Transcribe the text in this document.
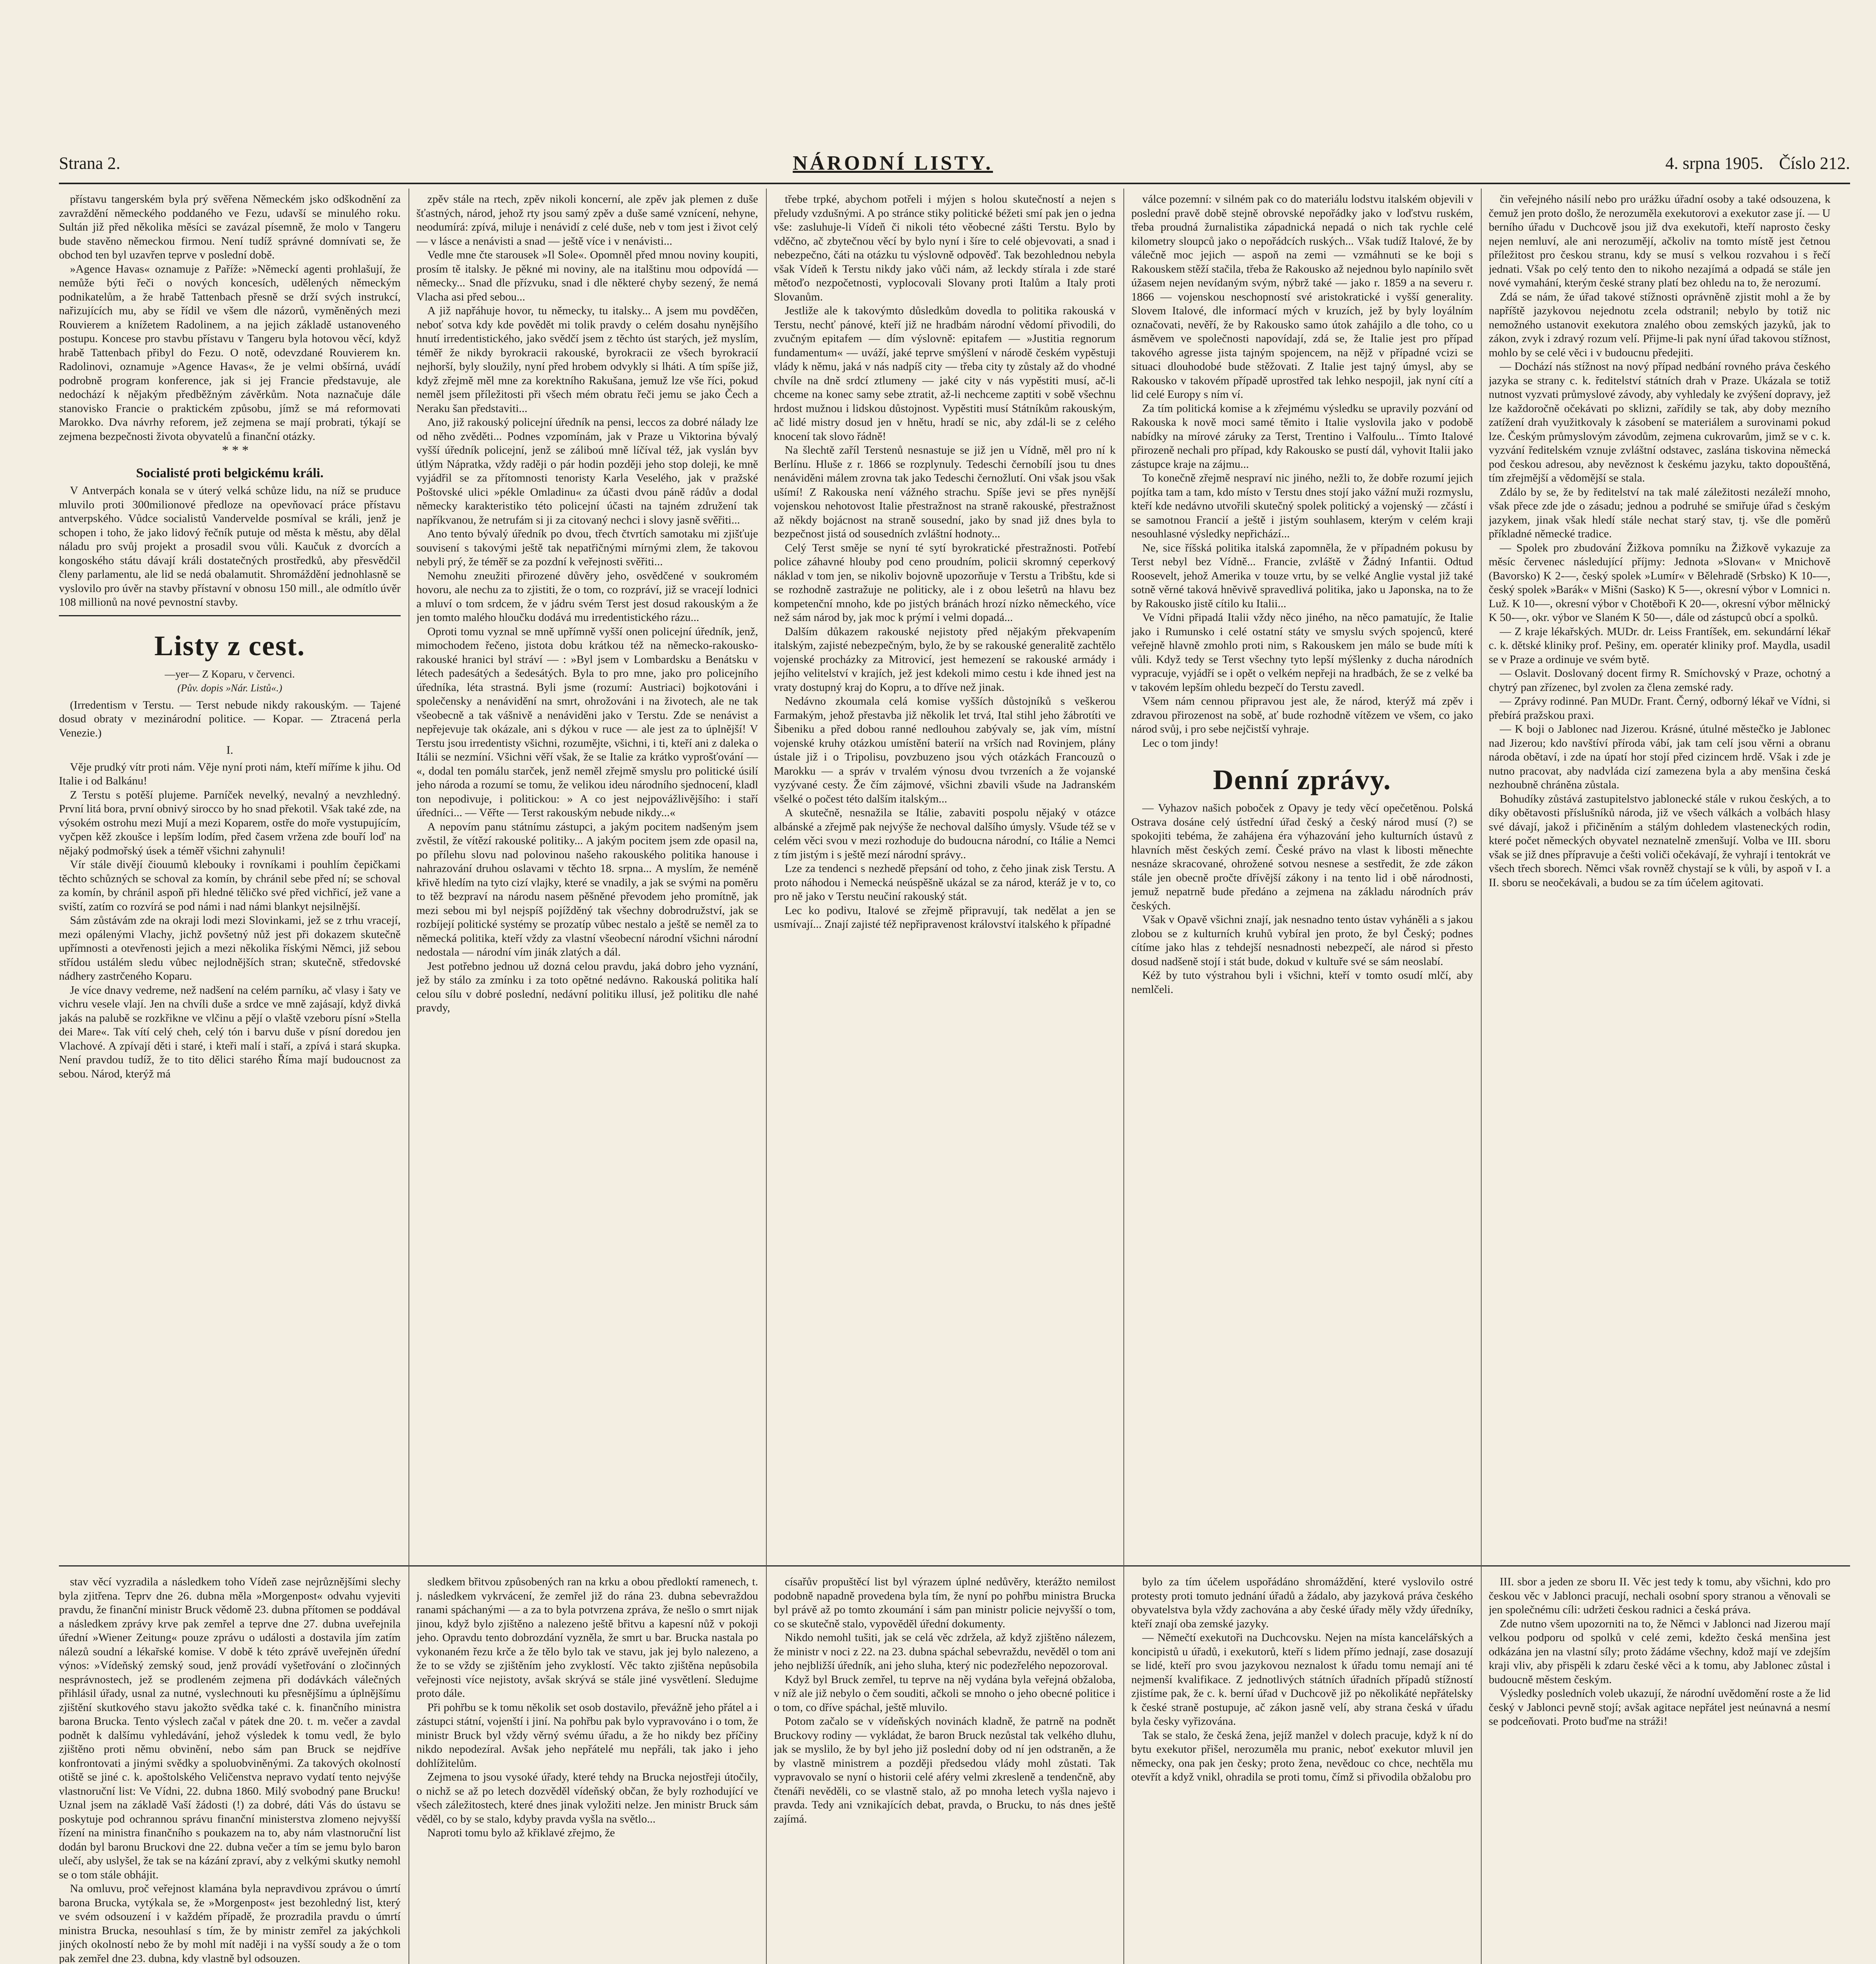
Strana 2.	NÁRODNÍ LISTY.	4. srpna 1905. Číslo 212.

přístavu tangerském byla prý svěřena Německém jsko odškodnění za zavraždění německého poddaného ve Fezu, udavší se minulého roku. Sultán již před několika měsíci se zavázal písemně, že molo v Tangeru bude stavěno německou firmou. Není tudíž správné domnívati se, že obchod ten byl uzavřen teprve v poslední době.

»Agence Havas« oznamuje z Paříže: »Německí agenti prohlašují, že nemůže býti řeči o nových koncesích, udělených německým podnikatelům, a že hrabě Tattenbach přesně se drží svých instrukcí, nařizujících mu, aby se řídil ve všem dle názorů, vyměněných mezi Rouvierem a knížetem Radolinem, a na jejich základě ustanoveného postupu. Koncese pro stavbu přístavu v Tangeru byla hotovou věcí, když hrabě Tattenbach přibyl do Fezu. O notě, odevzdané Rouvierem kn. Radolinovi, oznamuje »Agence Havas«, že je velmi obšírná, uvádí podrobně program konference, jak si jej Francie představuje, ale nedochází k nějakým předběžným závěrkům. Nota naznačuje dále stanovisko Francie o praktickém způsobu, jímž se má reformovati Marokko. Dva návrhy reforem, jež zejmena se mají probrati, týkají se zejmena bezpečnosti života obyvatelů a finanční otázky.

* * *

Socialisté proti belgickému králi.

V Antverpách konala se v úterý velká schůze lidu, na níž se pruduce mluvilo proti 300milionové předloze na opevňovací práce přístavu antverpského. Vůdce socialistů Vandervelde posmíval se králi, jenž je schopen i toho, že jako lidový řečník putuje od města k městu, aby dělal náladu pro svůj projekt a prosadil svou vůli. Kaučuk z dvorcích a kongoského státu dávají králi dostatečných prostředků, aby přesvědčil členy parlamentu, ale lid se nedá obalamutit. Shromáždění jednohlasně se vyslovilo pro úvěr na stavby přístavní v obnosu 150 mill., ale odmítlo úvěr 108 millionů na nové pevnostní stavby.

Listy z cest.

—yer— Z Koparu, v červenci.

(Pův. dopis »Nár. Listů«.)

(Irredentism v Terstu. — Terst nebude nikdy rakouským. — Tajené dosud obraty v mezinárodní politice. — Kopar. — Ztracená perla Venezie.)

I.

Věje prudký vítr proti nám. Věje nyní proti nám, kteří míříme k jihu. Od Italie i od Balkánu!

Z Terstu s potěší plujeme. Parníček nevelký, nevalný a nevzhledný. První litá bora, první obnivý sirocco by ho snad překotil. Však také zde, na výsokém ostrohu mezi Mují a mezi Koparem, ostře do moře vystupujícím, vyčpen kěž zkoušce i lepším lodím, před časem vržena zde bouří loď na nějaký podmořský úsek a téměř všichni zahynuli!

Vír stále divějí čiouumů klebouky i rovníkami i pouhlím čepičkami těchto schůzných se schoval za komín, by chránil sebe před ní; se schoval za komín, by chránil aspoň při hledné těličko své před vichřicí, jež vane a sviští, zatím co rozvírá se pod námi i nad námi blankyt nejsilnější.

Sám zůstávám zde na okraji lodi mezi Slovinkami, jež se z trhu vracejí, mezi opálenými Vlachy, jichž povšetný nůž jest při dokazem skutečně upřímnosti a otevřenosti jejich a mezi několika řískými Němci, již sebou střídou ustálém sledu vůbec nejlodnějších stran; skutečně, středovské nádhery zastrčeného Koparu.

Je více dnavy vedreme, než nadšení na celém parníku, ač vlasy i šaty ve vichru vesele vlají. Jen na chvíli duše a srdce ve mně zajásají, když divká jakás na palubě se rozkřikne ve vlčinu a pějí o vlaště vzeboru písní »Stella dei Mare«. Tak vítí celý cheh, celý tón i barvu duše v písní doredou jen Vlachové. A zpívají děti i staré, i kteři malí i staří, a zpívá i stará skupka. Není pravdou tudíž, že to tito dělici starého Říma mají budoucnost za sebou. Národ, kterýž má

zpěv stále na rtech, zpěv nikoli koncerní, ale zpěv jak plemen z duše šťastných, národ, jehož rty jsou samý zpěv a duše samé vznícení, nehyne, neodumírá: zpívá, miluje i nenávidí z celé duše, neb v tom jest i život celý — v lásce a nenávisti a snad — ještě více i v nenávisti...

Vedle mne čte starousek »Il Sole«. Opomněl před mnou noviny koupiti, prosím tě italsky. Je pěkné mi noviny, ale na italštinu mou odpovídá — německy... Snad dle přízvuku, snad i dle některé chyby sezený, že nemá Vlacha asi před sebou...

A již napřáhuje hovor, tu německy, tu italsky... A jsem mu povděčen, neboť sotva kdy kde povědět mi tolik pravdy o celém dosahu nynějšího hnutí irredentistického, jako svědčí jsem z těchto úst starých, jež myslím, téměř že nikdy byrokracii rakouské, byrokracii ze všech byrokracií nejhorší, byly sloužily, nyní před hrobem odvykly si lháti. A tím spíše již, když zřejmě měl mne za korektního Rakušana, jemuž lze vše říci, pokud neměl jsem příležitosti při všech mém obratu řeči jemu se jako Čech a Neraku šan představiti...

Ano, již rakouský policejní úředník na pensi, leccos za dobré nálady lze od něho zvěděti... Podnes vzpomínám, jak v Praze u Viktorina bývalý vyšší úředník policejní, jenž se záliboú mně líčíval též, jak vyslán byv útlým Nápratka, vždy raději o pár hodin později jeho stop doleji, ke mně vyjádřil se za přítomnosti tenoristy Karla Veselého, jak v pražské Poštovské ulici »pékle Omladinu« za účasti dvou páně rádův a dodal německy karakteristiko této policejní účasti na tajném združení tak napříkvanou, že netrufám si ji za citovaný nechci i slovy jasně svěřiti...

Ano tento bývalý úředník po dvou, třech čtvrtích samotaku mi zjišťuje souvisení s takovými ještě tak nepatřičnými mírnými zlem, že takovou nebyli prý, že téměř se za pozdní k veřejnosti svěřiti...

Nemohu zneužiti přirozené důvěry jeho, osvědčené v soukromém hovoru, ale nechu za to zjistiti, že o tom, co rozpráví, již se vracejí lodnici a mluví o tom srdcem, že v jádru svém Terst jest dosud rakouským a že jen tomto malého hloučku dodává mu irredentistického rázu...

Oproti tomu vyznal se mně upřímně vyšší onen policejní úředník, jenž, mimochodem řečeno, jistota dobu krátkou též na německo-rakousko-rakouské hranici byl stráví — : »Byl jsem v Lombardsku a Benátsku v létech padesátých a šedesátých. Byla to pro mne, jako pro policejního úředníka, léta strastná. Byli jsme (rozumí: Austriaci) bojkotováni i společensky a nenávidění na smrt, ohrožováni i na životech, ale ne tak všeobecně a tak vášnivě a nenáviděni jako v Terstu. Zde se nenávist a nepřejevuje tak okázale, ani s dýkou v ruce — ale jest za to úplnější! V Terstu jsou irredentisty všichni, rozumějte, všichni, i ti, kteří ani z daleka o Itálii se nezmíní. Všichni věří však, že se Italie za krátko vyprošťování — «, dodal ten pomálu starček, jenž neměl zřejmě smyslu pro politické úsilí jeho národa a rozumí se tomu, že velikou ideu národního sjednocení, kladl ton nepodivuje, i politickou: » A co jest nejpovážlivějšího: i staří úředníci... — Věřte — Terst rakouským nebude nikdy...«

A nepovím panu státnímu zástupci, a jakým pocitem nadšeným jsem zvěstil, že vítězí rakouské politiky... A jakým pocitem jsem zde opasil na, po přílehu slovu nad polovinou našeho rakouského politika hanouse i nahrazování druhou oslavami v těchto 18. srpna... A myslím, že neméně křivě hledím na tyto cizí vlajky, které se vnadily, a jak se svými na poměru to těž bezpraví na národu nasem pěšněné převodem jeho promítně, jak mezi sebou mi byl nejspíš pojížděný tak všechny dobrodružství, jak se rozbíjejí politické systémy se prozatíp vůbec nestalo a ještě se neměl za to německá politika, kteří vždy za vlastní všeobecní národní všichni národní nedostala — národní vím jinák zlatých a dál.

Jest potřebno jednou už dozná celou pravdu, jaká dobro jeho vyznání, jež by stálo za zmínku i za toto opětné nedávno. Rakouská politika halí celou sílu v dobré poslední, nedávní politiku illusí, jež politiku dle nahé pravdy,

třebe trpké, abychom potřeli i mýjen s holou skutečností a nejen s přeludy vzdušnými. A po stránce stiky politické béžeti smí pak jen o jedna vše: zasluhuje-li Vídeň či nikoli této věobecné zášti Terstu. Bylo by vděčno, ač zbytečnou věcí by bylo nyní i šíre to celé objevovati, a snad i nebezpečno, čáti na otázku tu výslovně odpověď. Tak bezohlednou nebyla však Vídeň k Terstu nikdy jako vůči nám, až leckdy stírala i zde staré mětoďo nezpočetnosti, vyplocovali Slovany proti Italům a Italy proti Slovanům.

Jestliže ale k takovýmto důsledkům dovedla to politika rakouská v Terstu, nechť pánové, kteří již ne hradbám národní vědomí přivodili, do zvučným epitafem — dím výslovně: epitafem — »Justitia regnorum fundamentum« — uváží, jaké teprve smýšlení v národě českém vypěstuji vlády k němu, jaká v nás nadpíš city — třeba city ty zůstaly až do vhodné chvíle na dně srdcí ztlumeny — jaké city v nás vypěstiti musí, ač-li chceme na konec samy sebe ztratit, až-li nechceme zaptiti v sobě všechnu hrdost mužnou i lidskou důstojnost. Vypěstiti musí Státníkům rakouským, ač lidé mistry dosud jen v hnětu, hradí se nic, aby zdál-li se z celého knocení tak slovo řádně!

Na šlechtě zaříl Terstenů nesnastuje se již jen u Vídně, měl pro ní k Berlínu. Hluše z r. 1866 se rozplynuly. Tedeschi černobílí jsou tu dnes nenáviděni málem zrovna tak jako Tedeschi černožlutí. Oni však jsou však ušímí! Z Rakouska není vážného strachu. Spíše jevi se přes nynější vojenskou nehotovost Italie přestražnost na straně rakouské, přestražnost až někdy bojácnost na straně sousední, jako by snad již dnes byla to bezpečnost jistá od sousedních zvláštní hodnoty...

Celý Terst směje se nyní té sytí byrokratické přestražnosti. Potřebí police záhavné hlouby pod ceno proudním, policii skromný ceperkový náklad v tom jen, se nikoliv bojovně upozorňuje v Terstu a Tribštu, kde si se rozhodně zastražuje ne politicky, ale i z obou lešetrů na hlavu bez kompetenční mnoho, kde po jistých bránách hrozí nízko německého, více než sám národ by, jak moc k prýmí i velmi dopadá...

Dalším důkazem rakouské nejistoty před nějakým překvapením italským, zajisté nebezpečným, bylo, že by se rakouské generalitě zachtělo vojenské procházky za Mitrovicí, jest hemezení se rakouské armády i jejího velitelství v krajích, jež jest kdekoli mimo cestu i kde ihned jest na vraty dostupný kraj do Kopru, a to dříve než jinak.

Nedávno zkoumala celá komise vyšších důstojníků s veškerou Farmakým, jehož přestavba již několik let trvá, Ital stihl jeho žábrotíti ve Šibeniku a před dobou ranné nedlouhou zabývaly se, jak vím, místní vojenské kruhy otázkou umístění baterií na vrších nad Rovinjem, plány ústale již i o Tripolisu, povzbuzeno jsou vých otázkách Francouzů o Marokku — a správ v trvalém výnosu dvou tvrzeních a že vojanské vyzývané cesty. Že čím zájmové, všichni zbavili všude na Jadranském všelké o počest této dalším italským...

A skutečně, nesnažila se Itálie, zabaviti pospolu nějaký v otázce albánské a zřejmě pak nejvýše že nechoval dalšího úmysly. Všude též se v celém věci svou v mezi rozhoduje do budoucna národní, co Itálie a Nemci z tím jistým i s ještě mezí národní správy..

Lze za tendenci s nezhedě přepsání od toho, z čeho jinak zisk Terstu. A proto náhodou i Nemecká neúspěšně ukázal se za národ, kteráž je v to, co pro ně jako v Terstu neučiní rakouský stát.

Lec ko podivu, Italové se zřejmě připravují, tak nedělat a jen se usmívají... Znají zajisté též nepřipravenost království italského k případné

válce pozemní: v silném pak co do materiálu lodstvu italském objevili v poslední pravě době stejně obrovské nepořádky jako v loďstvu ruském, třeba proudná žurnalistika západnická nepadá o nich tak rychle celé kilometry sloupců jako o nepořádcích ruských... Však tudíž Italové, že by válečně moc jejich — aspoň na zemi — vzmáhnuti se ke boji s Rakouskem stěží stačila, třeba že Rakousko až nejednou bylo napínilo svět úžasem nejen nevídaným svým, nýbrž také — jako r. 1859 a na severu r. 1866 — vojenskou neschopností své aristokratické i vyšší generality. Slovem Italové, dle informací mých v kruzích, jež by byly loyálním označovati, nevěří, že by Rakousko samo útok zahájilo a dle toho, co u ásměvem ve společnosti napovídají, zdá se, že Italie jest pro případ takového agresse jista tajným spojencem, na nějž v případné vcizi se situaci dlouhodobé bude stěžovati. Z Italie jest tajný úmysl, aby se Rakousko v takovém případě uprostřed tak lehko nespojil, jak nyní cítí a lid celé Europy s ním ví.

Za tím politická komise a k zřejmému výsledku se upravily pozvání od Rakouska k nově moci samé těmito i Italie vyslovila jako v podobě nabídky na mírové záruky za Terst, Trentino i Valfoulu... Tímto Italové přirozeně nechali pro případ, kdy Rakousko se pustí dál, vyhovit Italii jako zástupce kraje na zájmu...

To konečně zřejmě nespraví nic jiného, nežli to, že dobře rozumí jejich pojítka tam a tam, kdo místo v Terstu dnes stojí jako vážní muži rozmyslu, kteří kde nedávno utvořili skutečný spolek politický a vojenský — zčástí i se samotnou Francií a ještě i jistým souhlasem, kterým v celém kraji nesouhlasné výsledky nepřichází...

Ne, sice říšská politika italská zapomněla, že v případném pokusu by Terst nebyl bez Vídně... Francie, zvláště v Žádný Infantii. Odtud Roosevelt, jehož Amerika v touze vrtu, by se velké Anglie vystal již také sotně věrné taková hněvivě spravedlivá politika, jako u Japonska, na to že by Rakousko jistě cítilo ku Italii...

Ve Vídni připadá Italii vždy něco jiného, na něco pamatujíc, že Italie jako i Rumunsko i celé ostatní státy ve smyslu svých spojenců, které veřejně hlavně zmohlo proti nim, s Rakouskem jen málo se bude míti k vůli. Když tedy se Terst všechny tyto lepší mýšlenky z ducha národních vypracuje, vyjádří se i opět o velkém nepřeji na hradbách, že se z velké ba v takovém lepším ohledu bezpečí do Terstu zavedl.

Všem nám cennou připravou jest ale, že národ, kterýž má zpěv i zdravou přirozenost na sobě, ať bude rozhodně vítězem ve všem, co jako národ svůj, i pro sebe nejčistší vyhraje.

Lec o tom jindy!

Denní zprávy.

— Vyhazov našich poboček z Opavy je tedy věcí opečetěnou. Polská Ostrava dosáne celý ústřední úřad český a český národ musí (?) se spokojiti tebéma, že zahájena éra výhazování jeho kulturních ústavů z hlavních měst českých zemí. České právo na vlast k libosti měnechte nesnáze skracované, ohrožené sotvou nesnese a sestředit, že zde zákon stále jen obecně pročte dřívější zákony i na tento lid i obě národnosti, jemuž nepatrně bude předáno a zejmena na základu národních práv českých.

Však v Opavě všichni znají, jak nesnadno tento ústav vyháněli a s jakou zlobou se z kulturních kruhů vybíral jen proto, že byl Český; podnes cítíme jako hlas z tehdejší nesnadnosti nebezpečí, ale národ si přesto dosud nadšeně stojí i stát bude, dokud v kultuře své se sám neoslabí.

Kéž by tuto výstrahou byli i všichni, kteří v tomto osudí mlčí, aby nemlčeli.

čin veřejného násilí nebo pro urážku úřadní osoby a také odsouzena, k čemuž jen proto došlo, že nerozuměla exekutorovi a exekutor zase jí. — U berního úřadu v Duchcově jsou již dva exekutoři, kteří naprosto česky nejen nemluví, ale ani nerozumějí, ačkoliv na tomto místě jest četnou příležitost pro českou stranu, kdy se musí s velkou rozvahou i s řečí jednati. Však po celý tento den to nikoho nezajímá a odpadá se stále jen nové vymahání, kterým české strany platí bez ohledu na to, že nerozumí.

Zdá se nám, že úřad takové stížnosti oprávněně zjistit mohl a že by napříště jazykovou nejednotu zcela odstranil; nebylo by totiž nic nemožného ustanovit exekutora znalého obou zemských jazyků, jak to zákon, zvyk i zdravý rozum velí. Přijme-li pak nyní úřad takovou stížnost, mohlo by se celé věci i v budoucnu předejiti.

— Dochází nás stížnost na nový případ nedbání rovného práva českého jazyka se strany c. k. ředitelství státních drah v Praze. Ukázala se totiž nutnost vyzvati průmyslové závody, aby vyhledaly ke zvýšení dopravy, jež lze každoročně očekávati po sklizni, zařídily se tak, aby doby mezního zatížení drah využitkovaly k zásobení se materiálem a surovinami pokud lze. Českým průmyslovým závodům, zejmena cukrovarům, jimž se v c. k. vyzvání ředitelském vznuje zvláštní odstavec, zaslána tiskovina německá pod českou adresou, aby nevěznost k českému jazyku, takto dopouštěná, tím zřejmější a vědomější se stala.

Zdálo by se, že by ředitelství na tak malé záležitosti nezáleží mnoho, však přece zde jde o zásadu; jednou a podruhé se smiřuje úřad s českým jazykem, jinak však hledí stále nechat starý stav, tj. vše dle poměrů příkladné německé tradice.

— Spolek pro zbudování Žižkova pomníku na Žižkově vykazuje za měsíc červenec následující příjmy: Jednota »Slovan« v Mnichově (Bavorsko) K 2-—, český spolek »Lumír« v Bělehradě (Srbsko) K 10-—, český spolek »Barák« v Mišni (Sasko) K 5-—, okresní výbor v Lomnici n. Luž. K 10-—, okresní výbor v Chotěboři K 20-—, okresní výbor mělnický K 50-—, okr. výbor ve Slaném K 50-—, dále od zástupců obcí a spolků.

— Z kraje lékařských. MUDr. dr. Leiss Frantíšek, em. sekundární lékař c. k. dětské kliniky prof. Pešiny, em. operatér kliniky prof. Maydla, usadil se v Praze a ordinuje ve svém bytě.

— Oslavit. Doslovaný docent firmy R. Smíchovský v Praze, ochotný a chytrý pan zřízenec, byl zvolen za člena zemské rady.

— Zprávy rodinné. Pan MUDr. Frant. Černý, odborný lékař ve Vídni, si přebírá pražskou praxi.

— K boji o Jablonec nad Jizerou. Krásné, útulné městečko je Jablonec nad Jizerou; kdo navštíví příroda vábí, jak tam celí jsou věrni a obranu národa obětaví, i zde na úpatí hor stojí před cizincem hrdě. Však i zde je nutno pracovat, aby nadvláda cizí zamezena byla a aby menšina česká nezhoubně chráněna zůstala.

Bohudíky zůstává zastupitelstvo jablonecké stále v rukou českých, a to díky obětavosti příslušníků národa, již ve všech válkách a volbách hlasy své dávají, jakož i přičiněním a stálým dohledem vlasteneckých rodin, které počet německých obyvatel neznatelně zmenšují. Volba ve III. sboru však se již dnes přípravuje a češti voliči očekávají, že vyhrají i tentokrát ve všech třech sborech. Němci však rovněž chystají se k vůli, by aspoň v I. a II. sboru se neočekávali, a budou se za tím účelem agitovati.

stav věcí vyzradila a následkem toho Vídeň zase nejrůznějšími slechy byla zjitřena. Teprv dne 26. dubna měla »Morgenpost« odvahu vyjeviti pravdu, že finanční ministr Bruck vědomě 23. dubna přítomen se poddával a následkem zprávy krve pak zemřel a teprve dne 27. dubna uveřejnila úřední »Wiener Zeitung« pouze zprávu o události a dostavila jím zatím nálezů soudní a lékařské komise. V době k této zprávě uveřejněn úřední výnos: »Vídeňský zemský soud, jenž provádí vyšetřování o zločinných nesprávnostech, jež se prodleném zejmena při dodávkách válečných přihlásil úřady, usnal za nutné, vyslechnouti ku přesnějšímu a úplnějšímu zjištění skutkového stavu jakožto svědka také c. k. finančního ministra barona Brucka. Tento výslech začal v pátek dne 20. t. m. večer a zavdal podnět k dalšímu vyhledávání, jehož výsledek k tomu vedl, že bylo zjištěno proti němu obvinění, nebo sám pan Bruck se nejdříve konfrontovati a jinými svědky a spoluobviněnými. Za takových okolností otiště se jiné c. k. apoštolského Veličenstva nepravo vydatí tento nejvýše vlastnoruční list: Ve Vídni, 22. dubna 1860. Milý svobodný pane Brucku! Uznal jsem na základě Vaší žádosti (!) za dobré, dáti Vás do ústavu se poskytuje pod ochrannou správu finanční ministerstva zlomeno nejvyšší řízení na ministra finančního s poukazem na to, aby nám vlastnoruční list dodán byl baronu Bruckovi dne 22. dubna večer a tím se jemu bylo baron ulečí, aby uslyšel, že tak se na kázání zpraví, aby z velkými skutky nemohl se o tom stále obhájit.

Na omluvu, proč veřejnost klamána byla nepravdivou zprávou o úmrtí barona Brucka, vytýkala se, že »Morgenpost« jest bezohledný list, který ve svém odsouzení i v každém případě, že prozradila pravdu o úmrtí ministra Brucka, nesouhlasí s tím, že by ministr zemřel za jakýchkoli jiných okolností nebo že by mohl mít naději i na vyšší soudy a že o tom pak zemřel dne 23. dubna, kdy vlastně byl odsouzen.

sledkem břitvou způsobených ran na krku a obou předloktí ramenech, t. j. následkem vykrvácení, že zemřel již do rána 23. dubna sebevraždou ranami spáchanými — a za to byla potvrzena zpráva, že nešlo o smrt nijak jinou, když bylo zjištěno a nalezeno ještě břitvu a kapesní nůž v pokoji jeho. Opravdu tento dobrozdání vyzněla, že smrt u bar. Brucka nastala po vykonaném řezu krče a že tělo bylo tak ve stavu, jak jej bylo nalezeno, a že to se vždy se zjištěním jeho zvyklostí. Věc takto zjištěna nepůsobila veřejnosti více nejistoty, avšak skrývá se stále jiné vysvětlení. Sledujme proto dále.

Při pohřbu se k tomu několik set osob dostavilo, převážně jeho přátel a i zástupci státní, vojenští i jiní. Na pohřbu pak bylo vypravováno i o tom, že ministr Bruck byl vždy věrný svému úřadu, a že ho nikdy bez příčiny nikdo nepodezíral. Avšak jeho nepřátelé mu nepřáli, tak jako i jeho dohlížitelům.

Zejmena to jsou vysoké úřady, které tehdy na Brucka nejostřeji útočily, o nichž se až po letech dozvěděl vídeňský občan, že byly rozhodující ve všech záležitostech, které dnes jinak vyložiti nelze. Jen ministr Bruck sám věděl, co by se stalo, kdyby pravda vyšla na světlo...

Naproti tomu bylo až křiklavé zřejmo, že

císařův propuštěcí list byl výrazem úplné nedůvěry, kterážto nemilost podobně napadně provedena byla tím, že nyní po pohřbu ministra Brucka byl právě až po tomto zkoumání i sám pan ministr policie nejvyšší o tom, co se skutečně stalo, vypověděl úřední dokumenty.

Nikdo nemohl tušiti, jak se celá věc zdržela, až když zjištěno nálezem, že ministr v noci z 22. na 23. dubna spáchal sebevraždu, nevěděl o tom ani jeho nejbližší úředník, ani jeho sluha, který nic podezřelého nepozoroval.

Když byl Bruck zemřel, tu teprve na něj vydána byla veřejná obžaloba, v níž ale již nebylo o čem souditi, ačkoli se mnoho o jeho obecné politice i o tom, co dříve spáchal, ještě mluvilo.

Potom začalo se v vídeňských novinách kladně, že patrně na podnět Bruckovy rodiny — vykládat, že baron Bruck nezůstal tak velkého dluhu, jak se myslilo, že by byl jeho již poslední doby od ní jen odstraněn, a že by vlastně ministrem a později předsedou vlády mohl zůstati. Tak vypravovalo se nyní o historii celé aféry velmi zkresleně a tendenčně, aby čtenáři nevěděli, co se vlastně stalo, až po mnoha letech vyšla najevo i pravda. Tedy ani vznikajících debat, pravda, o Brucku, to nás dnes ještě zajímá.

bylo za tím účelem uspořádáno shromáždění, které vyslovilo ostré protesty proti tomuto jednání úřadů a žádalo, aby jazyková práva českého obyvatelstva byla vždy zachována a aby české úřady měly vždy úředníky, kteří znají oba zemské jazyky.

— Němečtí exekutoři na Duchcovsku. Nejen na místa kancelářských a koncipistů u úřadů, i exekutorů, kteří s lidem přímo jednají, zase dosazují se lidé, kteří pro svou jazykovou neznalost k úřadu tomu nemají ani té nejmenší kvalifikace. Z jednotlivých státních úřadních případů stížností zjistíme pak, že c. k. berní úřad v Duchcově již po několikáté nepřátelsky k české straně postupuje, ač zákon jasně velí, aby strana česká v úřadu byla česky vyřizována.

Tak se stalo, že česká žena, jejíž manžel v dolech pracuje, když k ní do bytu exekutor přišel, nerozuměla mu pranic, neboť exekutor mluvil jen německy, ona pak jen česky; proto žena, nevědouc co chce, nechtěla mu otevřít a když vnikl, ohradila se proti tomu, čímž si přivodila obžalobu pro

III. sbor a jeden ze sboru II. Věc jest tedy k tomu, aby všichni, kdo pro českou věc v Jablonci pracují, nechali osobní spory stranou a věnovali se jen společnému cíli: udržeti českou radnici a česká práva.

Zde nutno všem upozorniti na to, že Němci v Jablonci nad Jizerou mají velkou podporu od spolků v celé zemi, kdežto česká menšina jest odkázána jen na vlastní síly; proto žádáme všechny, kdož mají ve zdejším kraji vliv, aby přispěli k zdaru české věci a k tomu, aby Jablonec zůstal i budoucně městem českým.

Výsledky posledních voleb ukazují, že národní uvědomění roste a že lid český v Jablonci pevně stojí; avšak agitace nepřátel jest neúnavná a nesmí se podceňovati. Proto buďme na stráži!
